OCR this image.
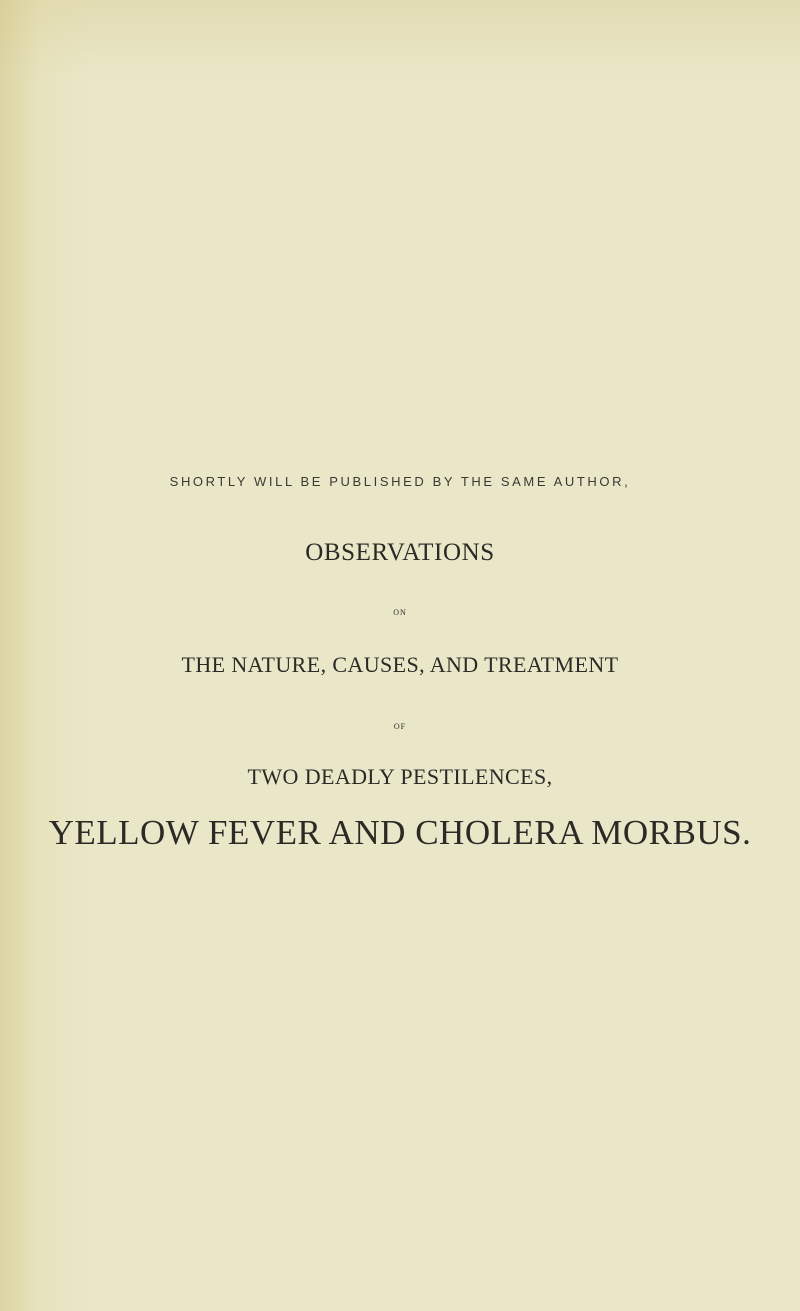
SHORTLY WILL BE PUBLISHED BY THE SAME AUTHOR,
OBSERVATIONS
ON
THE NATURE, CAUSES, AND TREATMENT
OF
TWO DEADLY PESTILENCES,
YELLOW FEVER AND CHOLERA MORBUS.
